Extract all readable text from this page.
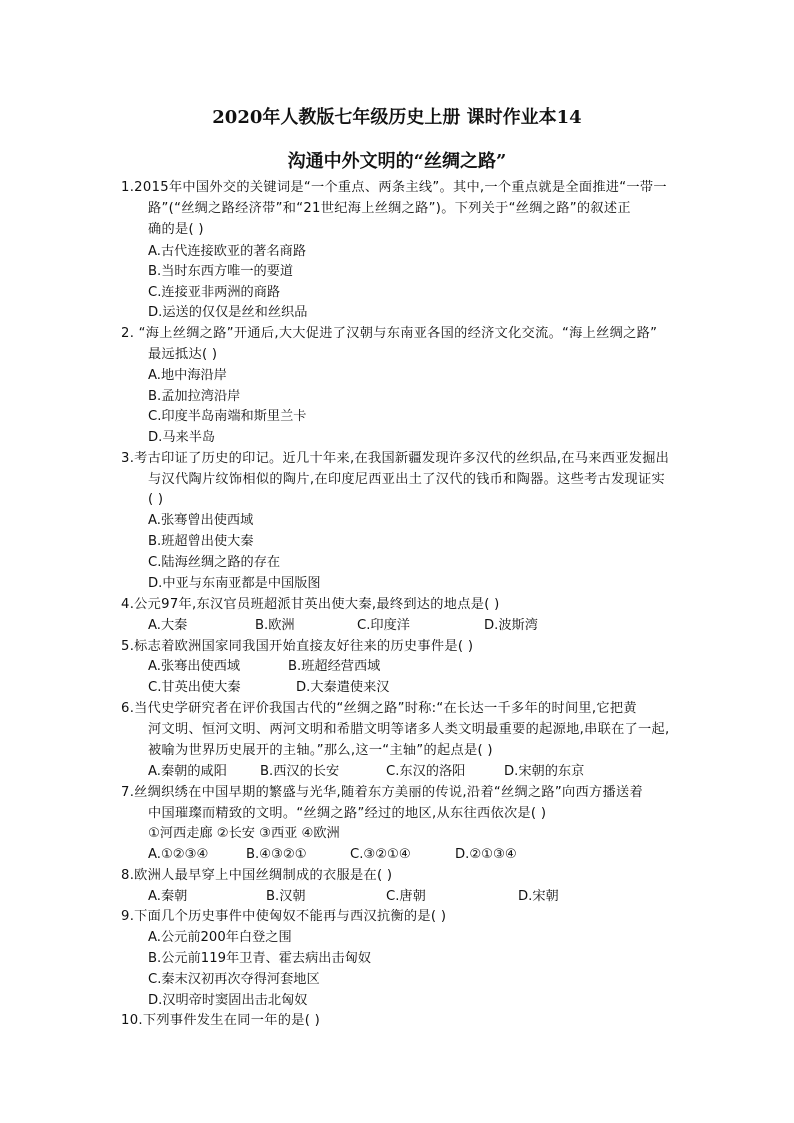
2020年人教版七年级历史上册 课时作业本14
沟通中外文明的“丝绸之路”
1.2015年中国外交的关键词是“一个重点、两条主线”。其中,一个重点就是全面推进“一带一
路”(“丝绸之路经济带”和“21世纪海上丝绸之路”)。下列关于“丝绸之路”的叙述正
确的是( )
A.古代连接欧亚的著名商路
B.当时东西方唯一的要道
C.连接亚非两洲的商路
D.运送的仅仅是丝和丝织品
2. “海上丝绸之路”开通后,大大促进了汉朝与东南亚各国的经济文化交流。“海上丝绸之路”
最远抵达( )
A.地中海沿岸
B.孟加拉湾沿岸
C.印度半岛南端和斯里兰卡
D.马来半岛
3.考古印证了历史的印记。近几十年来,在我国新疆发现许多汉代的丝织品,在马来西亚发掘出
与汉代陶片纹饰相似的陶片,在印度尼西亚出土了汉代的钱币和陶器。这些考古发现证实
( )
A.张骞曾出使西域
B.班超曾出使大秦
C.陆海丝绸之路的存在
D.中亚与东南亚都是中国版图
4.公元97年,东汉官员班超派甘英出使大秦,最终到达的地点是( )
A.大秦	B.欧洲	C.印度洋	D.波斯湾
5.标志着欧洲国家同我国开始直接友好往来的历史事件是( )
A.张骞出使西域	B.班超经营西域
C.甘英出使大秦	D.大秦遣使来汉
6.当代史学研究者在评价我国古代的“丝绸之路”时称:“在长达一千多年的时间里,它把黄
河文明、恒河文明、两河文明和希腊文明等诸多人类文明最重要的起源地,串联在了一起,
被喻为世界历史展开的主轴。”那么,这一“主轴”的起点是( )
A.秦朝的咸阳	B.西汉的长安	C.东汉的洛阳	D.宋朝的东京
7.丝绸织绣在中国早期的繁盛与光华,随着东方美丽的传说,沿着“丝绸之路”向西方播送着
中国璀璨而精致的文明。“丝绸之路”经过的地区,从东往西依次是( )
①河西走廊 ②长安 ③西亚 ④欧洲
A.①②③④	B.④③②①	C.③②①④	D.②①③④
8.欧洲人最早穿上中国丝绸制成的衣服是在( )
A.秦朝	B.汉朝	C.唐朝	D.宋朝
9.下面几个历史事件中使匈奴不能再与西汉抗衡的是( )
A.公元前200年白登之围
B.公元前119年卫青、霍去病出击匈奴
C.秦末汉初再次夺得河套地区
D.汉明帝时窦固出击北匈奴
10.下列事件发生在同一年的是( )
